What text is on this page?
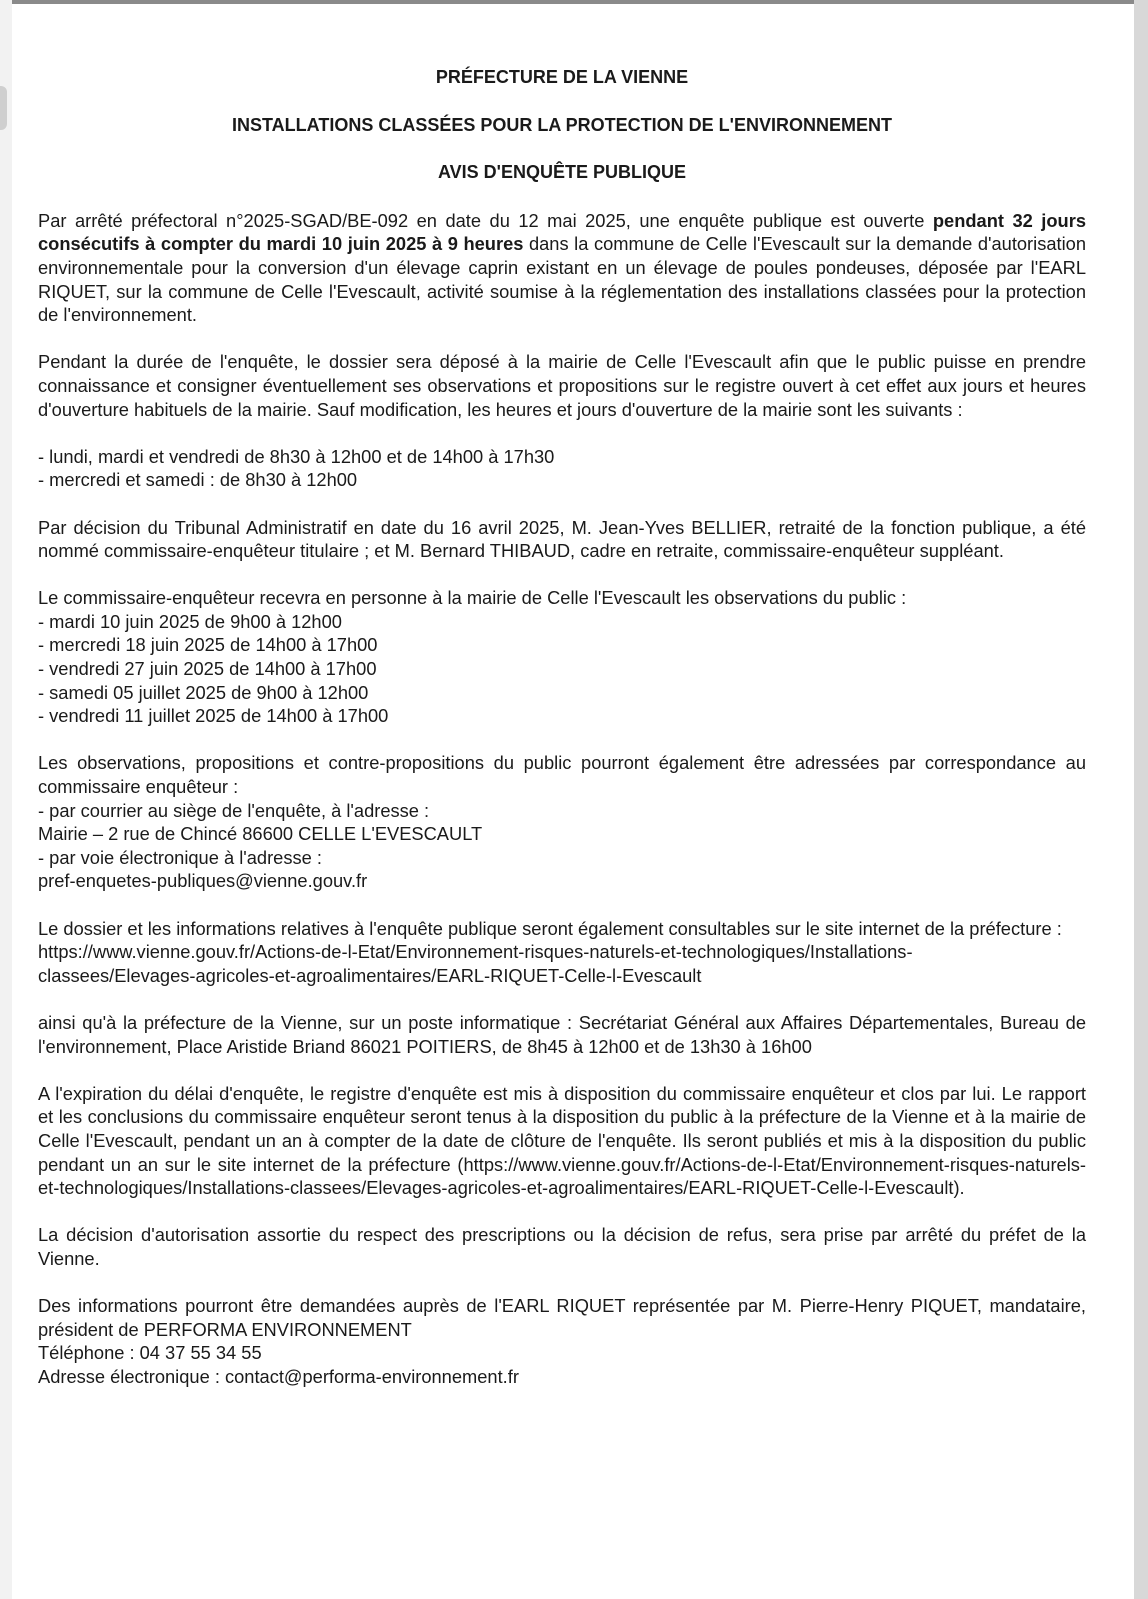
PRÉFECTURE DE LA VIENNE
INSTALLATIONS CLASSÉES POUR LA PROTECTION DE L'ENVIRONNEMENT
AVIS D'ENQUÊTE PUBLIQUE

Par arrêté préfectoral n°2025-SGAD/BE-092 en date du 12 mai 2025, une enquête publique est ouverte pendant 32 jours consécutifs à compter du mardi 10 juin 2025 à 9 heures dans la commune de Celle l'Evescault sur la demande d'autorisation environnementale pour la conversion d'un élevage caprin existant en un élevage de poules pondeuses, déposée par l'EARL RIQUET, sur la commune de Celle l'Evescault, activité soumise à la réglementation des installations classées pour la protection de l'environnement.

Pendant la durée de l'enquête, le dossier sera déposé à la mairie de Celle l'Evescault afin que le public puisse en prendre connaissance et consigner éventuellement ses observations et propositions sur le registre ouvert à cet effet aux jours et heures d'ouverture habituels de la mairie. Sauf modification, les heures et jours d'ouverture de la mairie sont les suivants :

- lundi, mardi et vendredi de 8h30 à 12h00 et de 14h00 à 17h30
- mercredi et samedi : de 8h30 à 12h00

Par décision du Tribunal Administratif en date du 16 avril 2025, M. Jean-Yves BELLIER, retraité de la fonction publique, a été nommé commissaire-enquêteur titulaire ; et M. Bernard THIBAUD, cadre en retraite, commissaire-enquêteur suppléant.

Le commissaire-enquêteur recevra en personne à la mairie de Celle l'Evescault les observations du public :
- mardi 10 juin 2025 de 9h00 à 12h00
- mercredi 18 juin 2025 de 14h00 à 17h00
- vendredi 27 juin 2025 de 14h00 à 17h00
- samedi 05 juillet 2025 de 9h00 à 12h00
- vendredi 11 juillet 2025 de 14h00 à 17h00

Les observations, propositions et contre-propositions du public pourront également être adressées par correspondance au commissaire enquêteur :

- par courrier au siège de l'enquête, à l'adresse :
Mairie – 2 rue de Chincé 86600 CELLE L'EVESCAULT
- par voie électronique à l'adresse :
pref-enquetes-publiques@vienne.gouv.fr

Le dossier et les informations relatives à l'enquête publique seront également consultables sur le site internet de la préfecture :

https://www.vienne.gouv.fr/Actions-de-l-Etat/Environnement-risques-naturels-et-technologiques/Installations-
classees/Elevages-agricoles-et-agroalimentaires/EARL-RIQUET-Celle-l-Evescault

ainsi qu'à la préfecture de la Vienne, sur un poste informatique : Secrétariat Général aux Affaires Départementales, Bureau de l'environnement, Place Aristide Briand 86021 POITIERS, de 8h45 à 12h00 et de 13h30 à 16h00

A l'expiration du délai d'enquête, le registre d'enquête est mis à disposition du commissaire enquêteur et clos par lui. Le rapport et les conclusions du commissaire enquêteur seront tenus à la disposition du public à la préfecture de la Vienne et à la mairie de Celle l'Evescault, pendant un an à compter de la date de clôture de l'enquête. Ils seront publiés et mis à la disposition du public pendant un an sur le site internet de la préfecture (https://www.vienne.gouv.fr/Actions-de-l-Etat/Environnement-risques-naturels-et-technologiques/Installations-classees/Elevages-agricoles-et-agroalimentaires/EARL-RIQUET-Celle-l-Evescault).

La décision d'autorisation assortie du respect des prescriptions ou la décision de refus, sera prise par arrêté du préfet de la Vienne.

Des informations pourront être demandées auprès de l'EARL RIQUET représentée par M. Pierre-Henry PIQUET, mandataire, président de PERFORMA ENVIRONNEMENT

Téléphone : 04 37 55 34 55
Adresse électronique : contact@performa-environnement.fr
